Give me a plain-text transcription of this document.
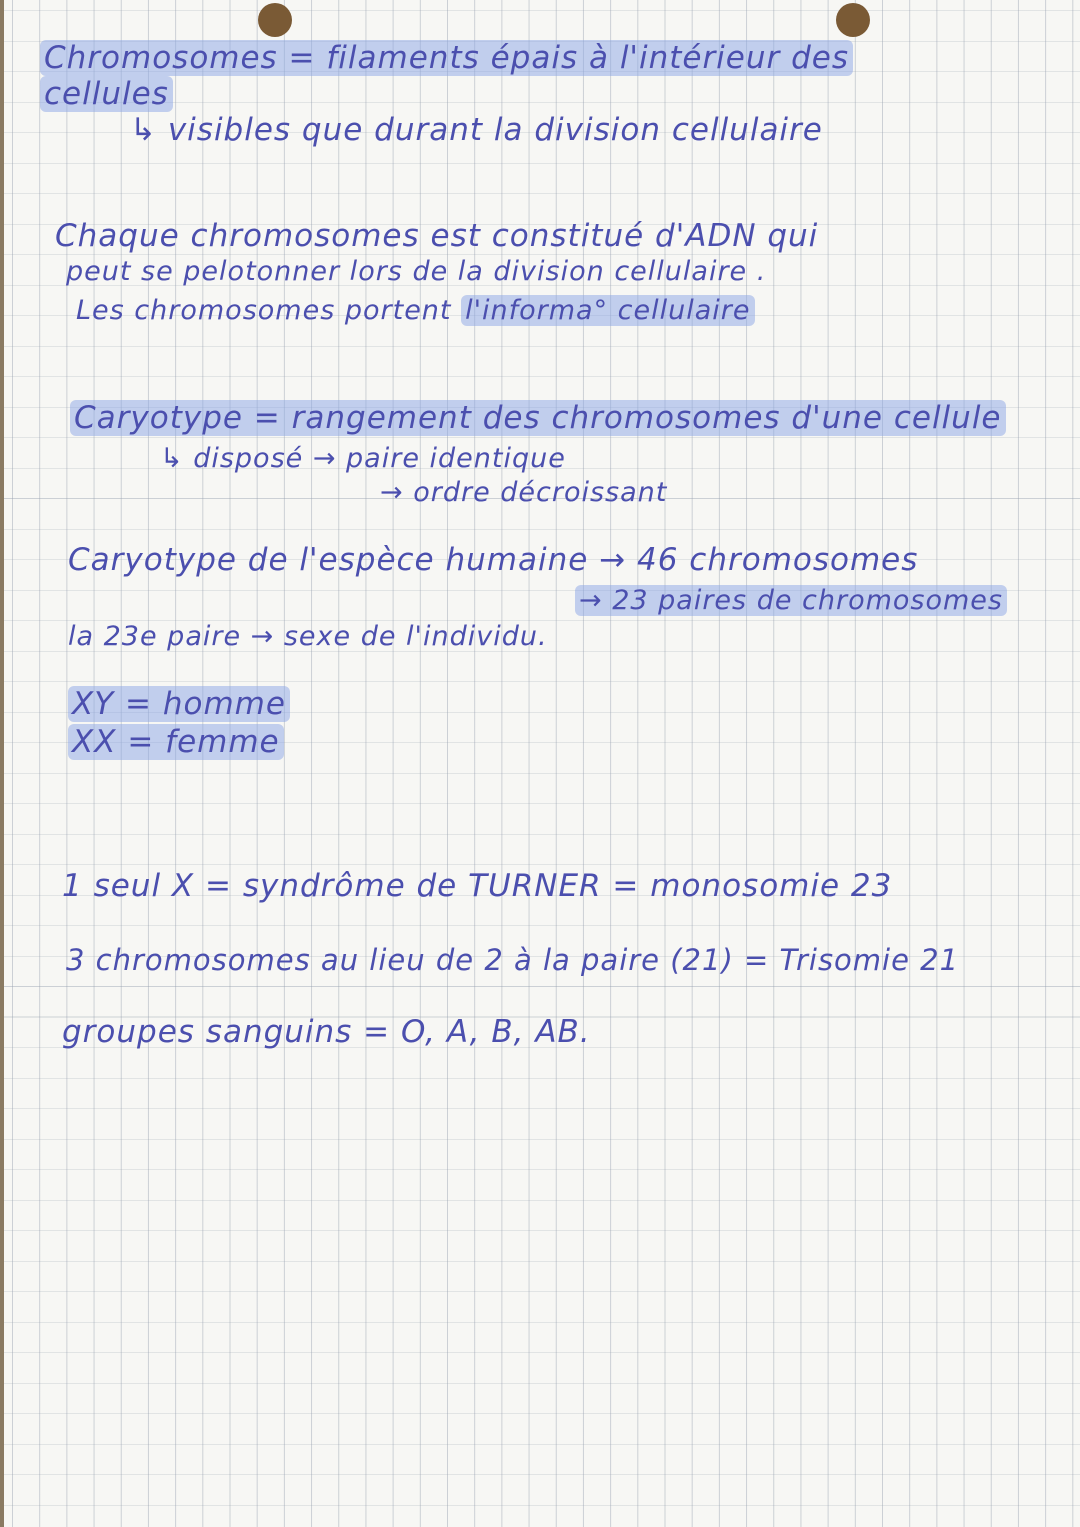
Chromosomes = filaments épais à l'intérieur des
cellules
↳ visibles que durant la division cellulaire
Chaque chromosomes est constitué d'ADN qui
peut se pelotonner lors de la division cellulaire .
Les chromosomes portent l'informa° cellulaire
Caryotype = rangement des chromosomes d'une cellule
↳ disposé → paire identique
→ ordre décroissant
Caryotype de l'espèce humaine → 46 chromosomes
→ 23 paires de chromosomes
la 23e paire → sexe de l'individu.
XY = homme
XX = femme
1 seul X = syndrôme de TURNER = monosomie 23
3 chromosomes au lieu de 2 à la paire (21) = Trisomie 21
groupes sanguins = O, A, B, AB.
